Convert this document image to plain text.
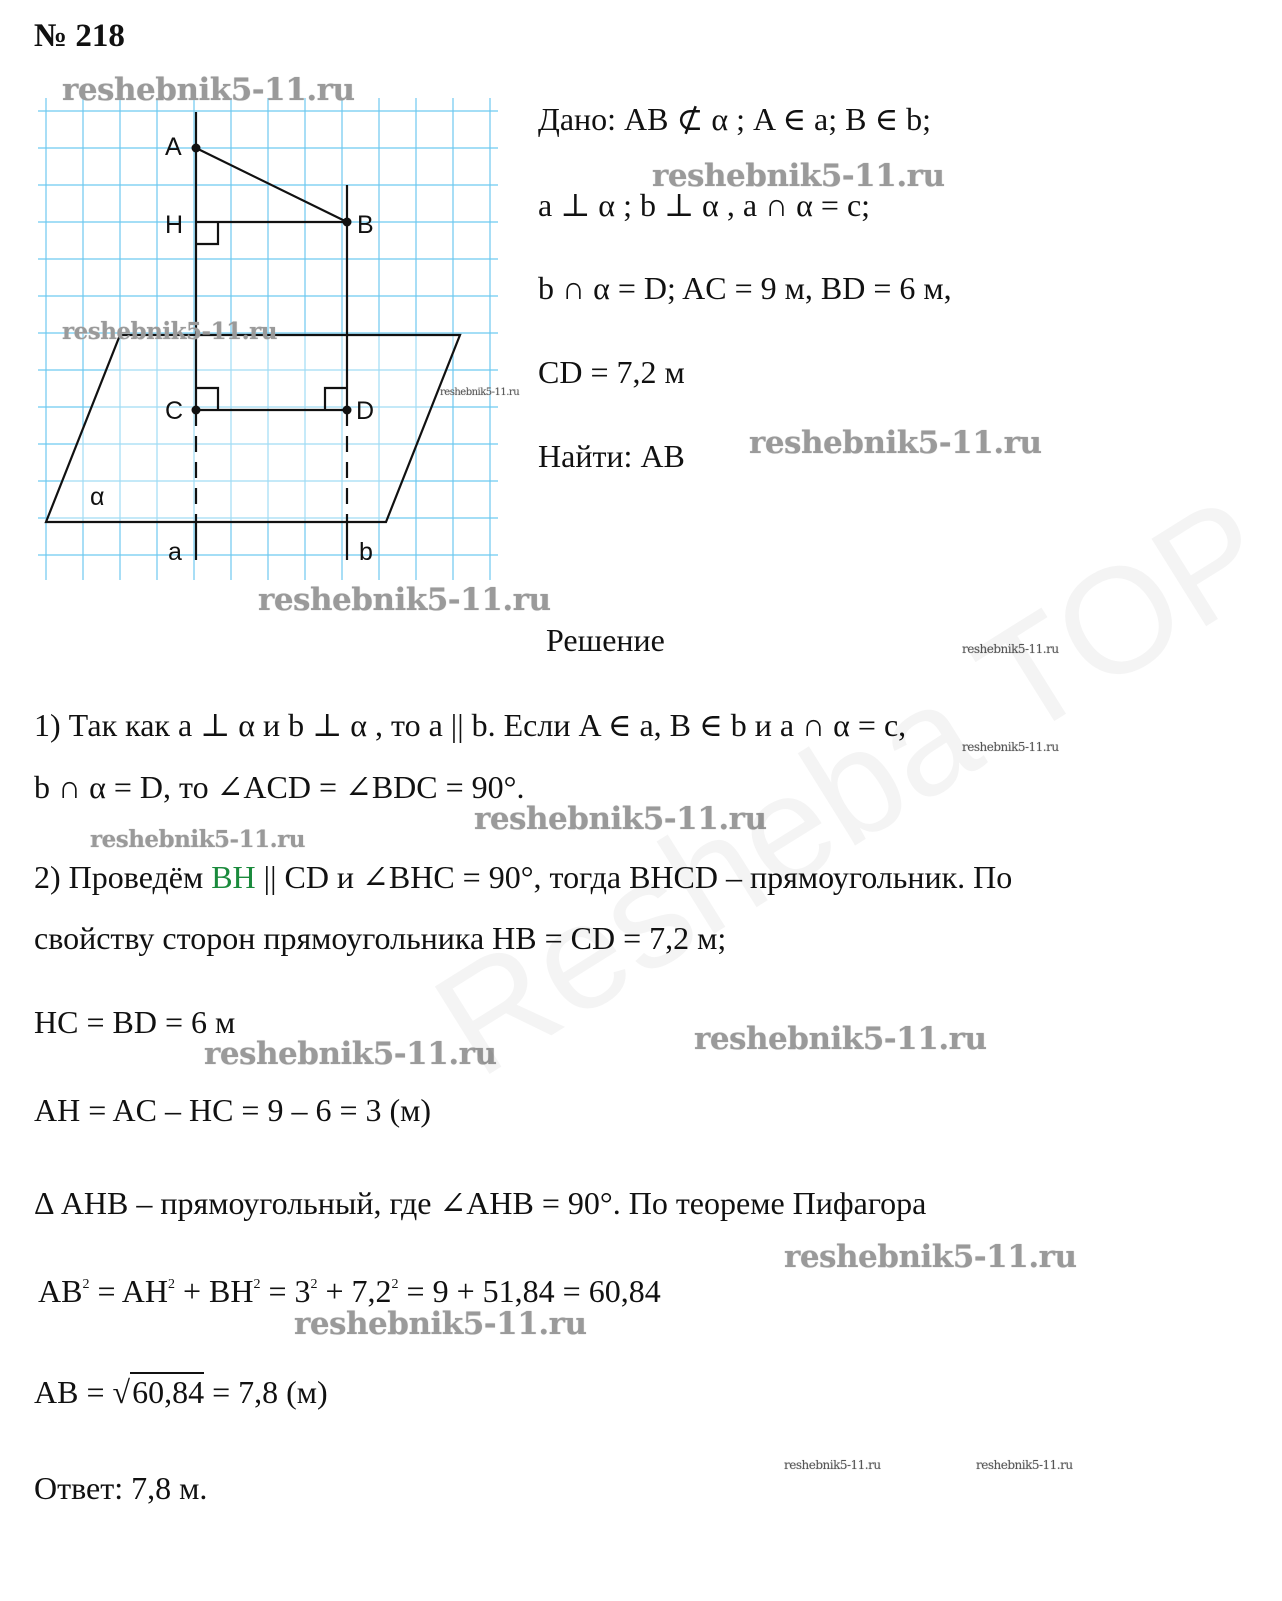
№ 218
A
H	B
C	D
a	b
α
reshebnik5-11.ru
reshebnik5-11.ru
reshebnik5-11.ru
reshebnik5-11.ru
reshebnik5-11.ru
reshebnik5-11.ru
reshebnik5-11.ru
reshebnik5-11.ru
reshebnik5-11.ru
reshebnik5-11.ru
reshebnik5-11.ru
reshebnik5-11.ru
reshebnik5-11.ru
reshebnik5-11.ru
reshebnik5-11.ru	reshebnik5-11.ru
Дано: AB ⊄ α ; A ∈ a; B ∈ b;
a ⊥ α ; b ⊥ α , a ∩ α = c;
b ∩ α = D; AC = 9 м, BD = 6 м,
CD = 7,2 м
Найти: AB
Решение
1) Так как a ⊥ α и b ⊥ α , то a || b. Если A ∈ a, B ∈ b и a ∩ α = c,
b ∩ α = D, то ∠ACD = ∠BDC = 90°.
2) Проведём BH || CD и ∠BHC = 90°, тогда BHCD – прямоугольник. По
свойству сторон прямоугольника HB = CD = 7,2 м;
HC = BD = 6 м
AH = AC – HC = 9 – 6 = 3 (м)
Δ AHB – прямоугольный, где ∠AHB = 90°. По теореме Пифагора
$AB^2 = AH^2 + BH^2 = 3^2 + 7,2^2 = 9 + 51,84 = 60,84$
AB = √60,84 = 7,8 (м)
Ответ: 7,8 м.
